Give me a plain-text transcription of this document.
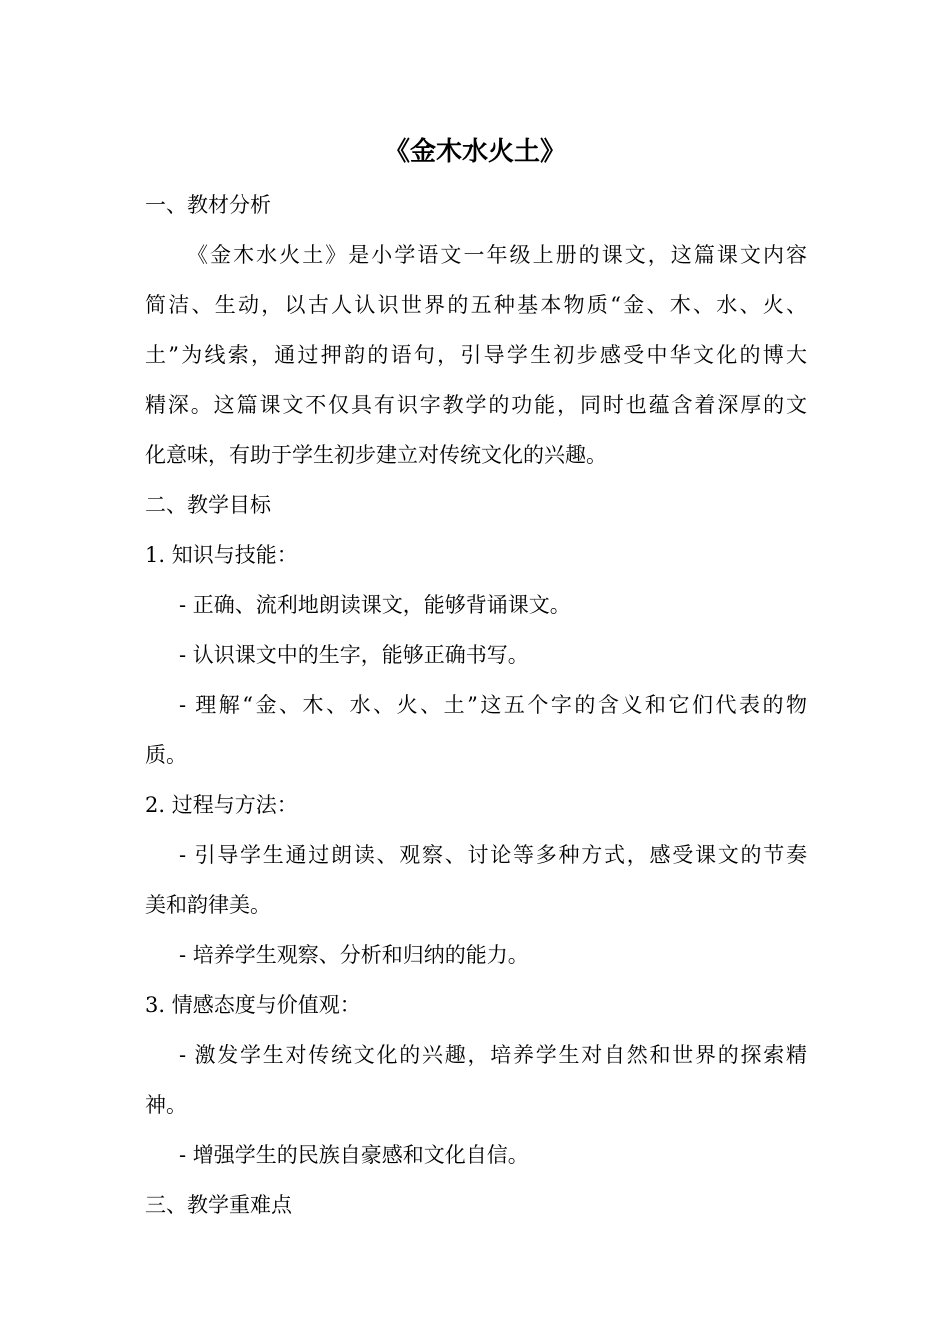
《金木水火土》
一、教材分析
《金木水火土》是小学语文一年级上册的课文，这篇课文内容
简洁、生动，以古人认识世界的五种基本物质“金、木、水、火、
土”为线索，通过押韵的语句，引导学生初步感受中华文化的博大
精深。这篇课文不仅具有识字教学的功能，同时也蕴含着深厚的文
化意味，有助于学生初步建立对传统文化的兴趣。
二、教学目标
1. 知识与技能：
- 正确、流利地朗读课文，能够背诵课文。
- 认识课文中的生字，能够正确书写。
- 理解“金、木、水、火、土”这五个字的含义和它们代表的物
质。
2. 过程与方法：
- 引导学生通过朗读、观察、讨论等多种方式，感受课文的节奏
美和韵律美。
- 培养学生观察、分析和归纳的能力。
3. 情感态度与价值观：
- 激发学生对传统文化的兴趣，培养学生对自然和世界的探索精
神。
- 增强学生的民族自豪感和文化自信。
三、教学重难点
